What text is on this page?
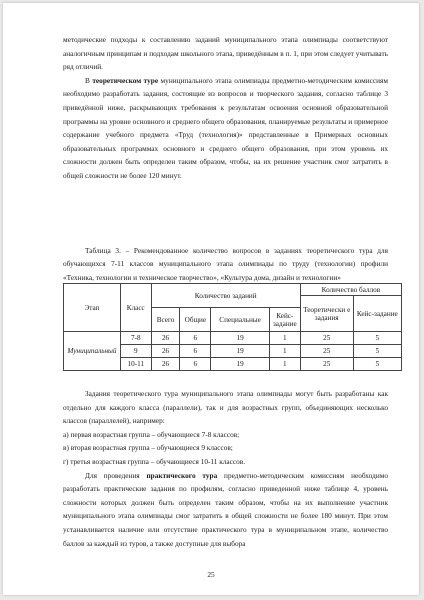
методические подходы к составлению заданий муниципального этапа олимпиады соответствуют аналогичным принципам и подходам школьного этапа, приведённым в п. 1, при этом следует учитывать ряд отличий.

В теоретическом туре муниципального этапа олимпиады предметно-методическим комиссиям необходимо разработать задания, состоящие из вопросов и творческого задания, согласно таблице 3 приведённой ниже, раскрывающих требования к результатам освоения основной образовательной программы на уровне основного и среднего общего образования, планируемые результаты и примерное содержание учебного предмета «Труд (технология)» представленные в Примерных основных образовательных программах основного и среднего общего образования, при этом уровень их сложности должен быть определен таким образом, чтобы, на их решение участник смог затратить в общей сложности не более 120 минут.

Таблица 3. – Рекомендованное количество вопросов в заданиях теоретического тура для обучающихся 7-11 классов муниципального этапа олимпиады по труду (технологии) профили «Техника, технологии и техническое творчество», «Культура дома, дизайн и технологии»

Этап	Класс	Количество заданий				Количество баллов	
						Теоретически е задания	Кейс-задание
		Всего	Общие	Специальные	Кейс-задание		
Муниципальный	7-8	26	6	19	1	25	5
	9	26	6	19	1	25	5
	10-11	26	6	19	1	25	5

Задания теоретического тура муниципального этапа олимпиады могут быть разработаны как отдельно для каждого класса (параллели), так и для возрастных групп, объединяющих несколько классов (параллелей), например:

а) первая возрастная группа – обучающиеся 7-8 классов;

в) вторая возрастная группа – обучающиеся 9 классов;

г) третья возрастная группа – обучающиеся 10-11 классов.

Для проведения практического тура предметно-методическим комиссиям необходимо разработать практические задания по профилям, согласно приведенной ниже таблице 4, уровень сложности которых должен быть определен таким образом, чтобы на их выполнение участник муниципального этапа олимпиады смог затратить в общей сложности не более 180 минут. При этом устанавливается наличие или отсутствие практического тура в муниципальном этапе, количество баллов за каждый из туров, а также доступные для выбора

25
